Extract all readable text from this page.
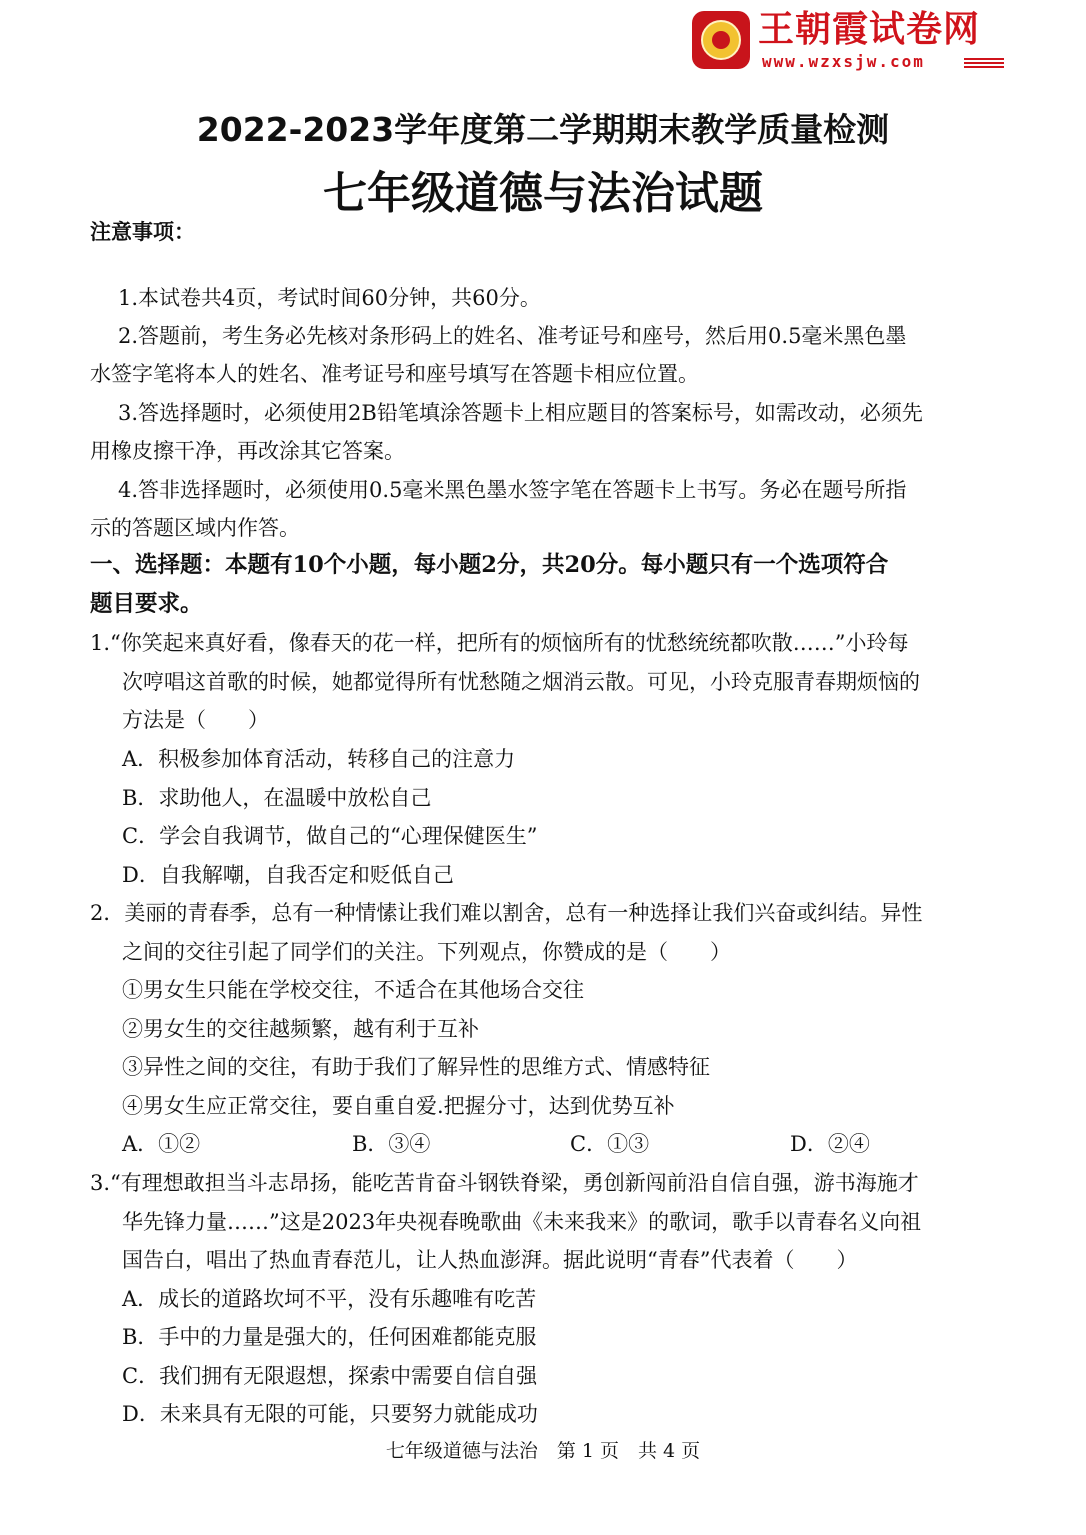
王朝霞试卷网
www.wzxsjw.com
2022-2023学年度第二学期期末教学质量检测
七年级道德与法治试题
注意事项：
1.本试卷共4页，考试时间60分钟，共60分。
2.答题前，考生务必先核对条形码上的姓名、准考证号和座号，然后用0.5毫米黑色墨
水签字笔将本人的姓名、准考证号和座号填写在答题卡相应位置。
3.答选择题时，必须使用2B铅笔填涂答题卡上相应题目的答案标号，如需改动，必须先
用橡皮擦干净，再改涂其它答案。
4.答非选择题时，必须使用0.5毫米黑色墨水签字笔在答题卡上书写。务必在题号所指
示的答题区域内作答。
一、选择题：本题有10个小题，每小题2分，共20分。每小题只有一个选项符合
题目要求。
1.“你笑起来真好看，像春天的花一样，把所有的烦恼所有的忧愁统统都吹散……”小玲每
次哼唱这首歌的时候，她都觉得所有忧愁随之烟消云散。可见，小玲克服青春期烦恼的
方法是（　　）
A．积极参加体育活动，转移自己的注意力
B．求助他人，在温暖中放松自己
C．学会自我调节，做自己的“心理保健医生”
D．自我解嘲，自我否定和贬低自己
2．美丽的青春季，总有一种情愫让我们难以割舍，总有一种选择让我们兴奋或纠结。异性
之间的交往引起了同学们的关注。下列观点，你赞成的是（　　）
①男女生只能在学校交往，不适合在其他场合交往
②男女生的交往越频繁，越有利于互补
③异性之间的交往，有助于我们了解异性的思维方式、情感特征
④男女生应正常交往，要自重自爱.把握分寸，达到优势互补
A．①②	B．③④	C．①③	D．②④
3.“有理想敢担当斗志昂扬，能吃苦肯奋斗钢铁脊梁，勇创新闯前沿自信自强，游书海施才
华先锋力量……”这是2023年央视春晚歌曲《未来我来》的歌词，歌手以青春名义向祖
国告白，唱出了热血青春范儿，让人热血澎湃。据此说明“青春”代表着（　　）
A．成长的道路坎坷不平，没有乐趣唯有吃苦
B．手中的力量是强大的，任何困难都能克服
C．我们拥有无限遐想，探索中需要自信自强
D．未来具有无限的可能，只要努力就能成功
七年级道德与法治　第 1 页　共 4 页
